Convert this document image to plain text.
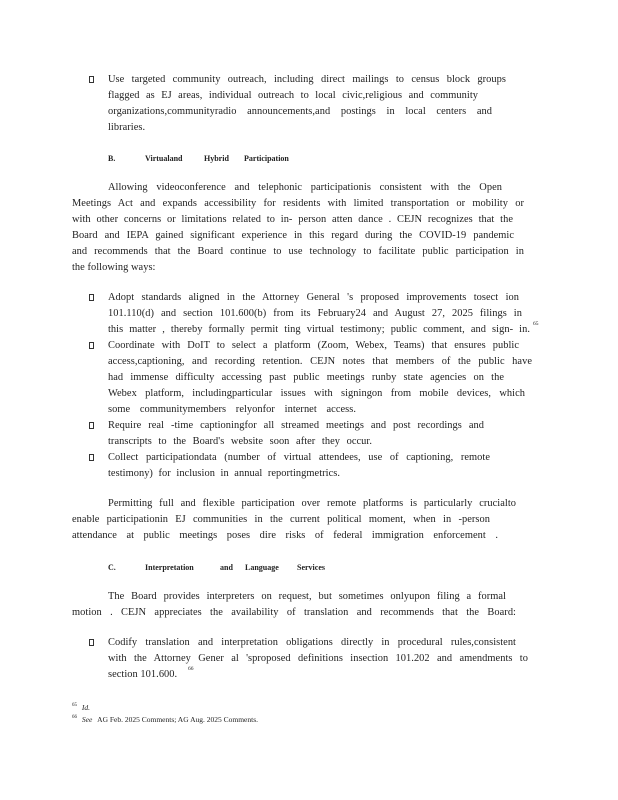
Use targeted community outreach, including direct mailings to census block groups
flagged as EJ areas, individual outreach to local civic,religious and community
organizations,communityradio announcements,and postings in local centers and
libraries.
B.	Virtualand	Hybrid Participation
Allowing videoconference and telephonic participationis consistent with the Open
Meetings Act and expands accessibility for residents with limited transportation or mobility or
with other concerns or limitations related to in- person atten dance . CEJN recognizes that the
Board and IEPA gained significant experience in this regard during the COVID-19 pandemic
and recommends that the Board continue to use technology to facilitate public participation in
the following ways:
Adopt standards aligned in the Attorney General 's proposed improvements tosect ion
101.110(d) and section 101.600(b) from its February24 and August 27, 2025 filings in
this matter , thereby formally permit ting virtual testimony; public comment, and sign- in. 65
Coordinate with DoIT to select a platform (Zoom, Webex, Teams) that ensures public
access,captioning, and recording retention. CEJN notes that members of the public have
had immense difficulty accessing past public meetings runby state agencies on the
Webex platform, includingparticular issues with signingon from mobile devices, which
some communitymembers relyonfor internet access.
Require real -time captioningfor all streamed meetings and post recordings and
transcripts to the Board's website soon after they occur.
Collect participationdata (number of virtual attendees, use of captioning, remote
testimony) for inclusion in annual reportingmetrics.
Permitting full and flexible participation over remote platforms is particularly crucialto
enable participationin EJ communities in the current political moment, when in -person
attendance at public meetings poses dire risks of federal immigration enforcement .
C.	Interpretation	and Language Services
The Board provides interpreters on request, but sometimes onlyupon filing a formal
motion . CEJN appreciates the availability of translation and recommends that the Board:
Codify translation and interpretation obligations directly in procedural rules,consistent
with the Attorney Gener al 'sproposed definitions insection 101.202 and amendments to
section 101.600. 66
$^{65}$ Id.
$^{66}$ See AG Feb. 2025 Comments; AG Aug. 2025 Comments.
